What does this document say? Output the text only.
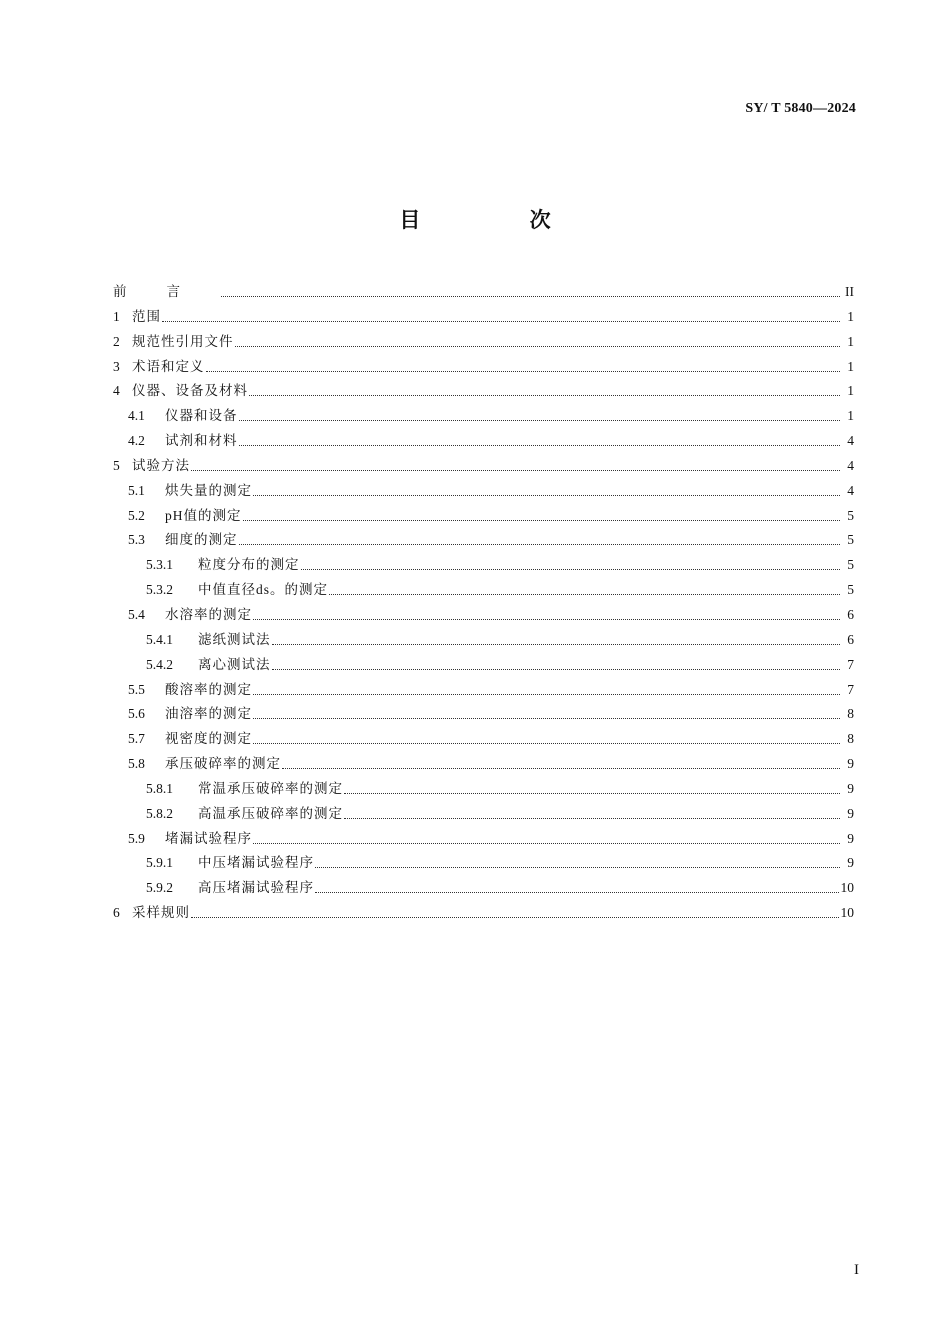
SY/ T 5840—2024
目 次
前言	II
1 范围	1
2 规范性引用文件	1
3 术语和定义	1
4 仪器、设备及材料	1
4.1	仪器和设备	1
4.2	试剂和材料	4
5 试验方法	4
5.1	烘失量的测定	4
5.2	pH值的测定	5
5.3	细度的测定	5
5.3.1	粒度分布的测定	5
5.3.2	中值直径ds。的测定	5
5.4	水溶率的测定	6
5.4.1	滤纸测试法	6
5.4.2	离心测试法	7
5.5	酸溶率的测定	7
5.6	油溶率的测定	8
5.7	视密度的测定	8
5.8	承压破碎率的测定	9
5.8.1	常温承压破碎率的测定	9
5.8.2	高温承压破碎率的测定	9
5.9	堵漏试验程序	9
5.9.1	中压堵漏试验程序	9
5.9.2	高压堵漏试验程序	10
6 采样规则	10
I
